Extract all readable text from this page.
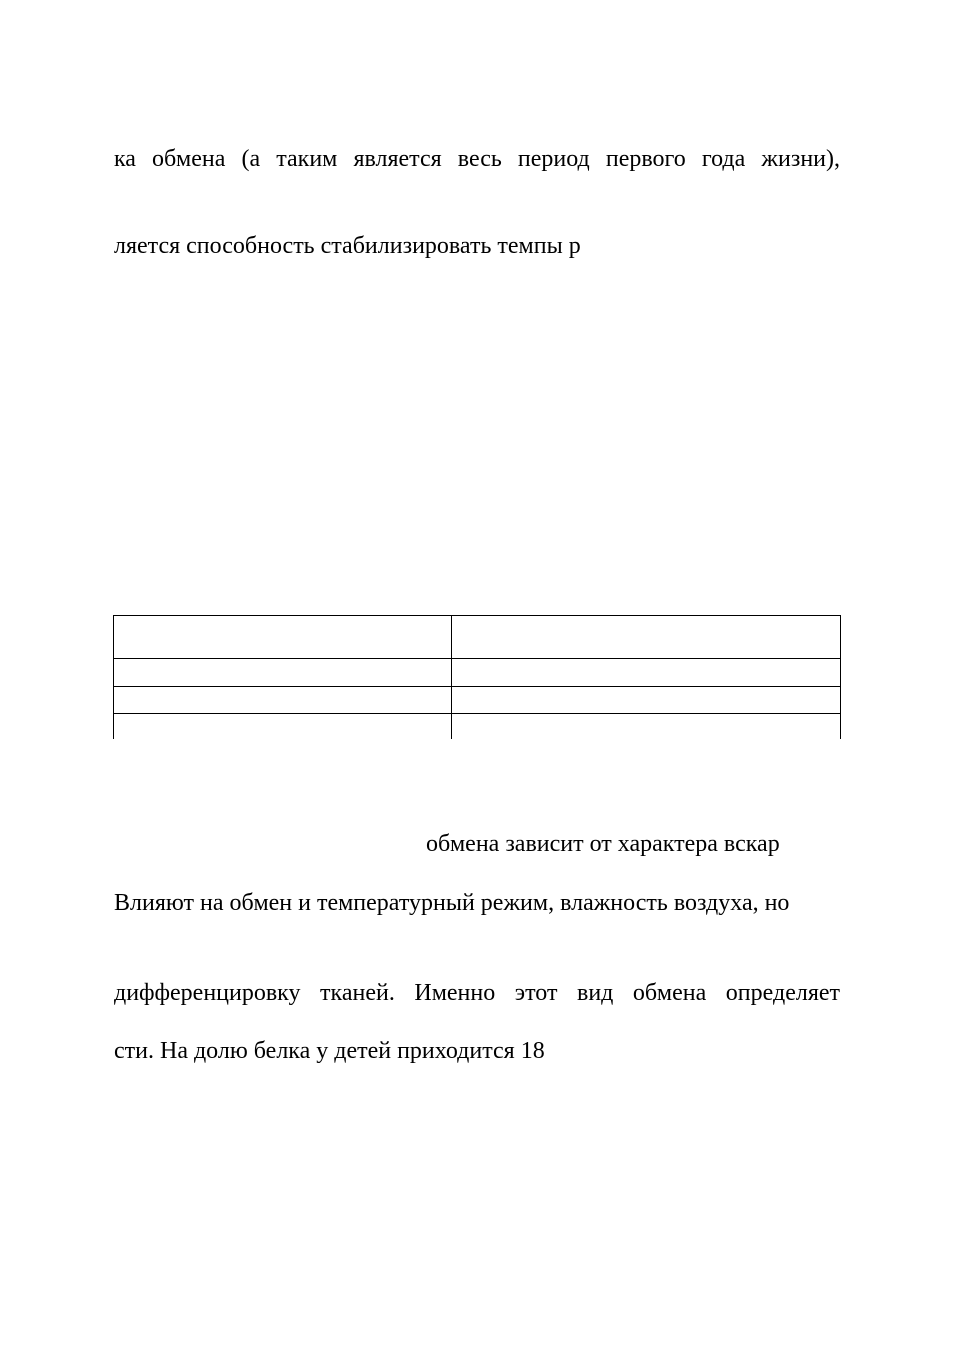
ка обмена (а таким является весь период первого года жизни),
ляется способность стабилизировать темпы р
обмена зависит от характера вскар
Влияют на обмен и температурный режим, влажность воздуха, но
дифференцировку тканей. Именно этот вид обмена определяет
сти. На долю белка у детей приходится 18
